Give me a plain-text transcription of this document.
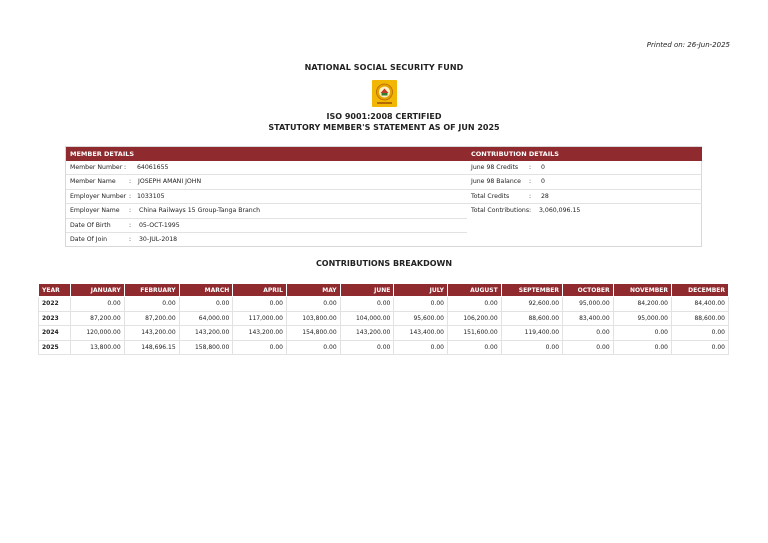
Printed on: 26-Jun-2025
NATIONAL SOCIAL SECURITY FUND
ISO 9001:2008 CERTIFIED
STATUTORY MEMBER'S STATEMENT AS OF JUN 2025
MEMBER DETAILS
Member Number : 64061655
Member Name : JOSEPH AMANI JOHN
Employer Number : 1033105
Employer Name : China Railways 15 Group-Tanga Branch
Date Of Birth	: 05-OCT-1995
Date Of Join	: 30-JUL-2018
CONTRIBUTION DETAILS
June 98 Credits : 0
June 98 Balance : 0
Total Credits	: 28
Total Contributions : 3,060,096.15
CONTRIBUTIONS BREAKDOWN
YEAR	JANUARY	FEBRUARY	MARCH	APRIL	MAY	JUNE	JULY	AUGUST	SEPTEMBER	OCTOBER	NOVEMBER	DECEMBER
2022	0.00	0.00	0.00	0.00	0.00	0.00	0.00	0.00	92,600.00	95,000.00	84,200.00	84,400.00
2023	87,200.00	87,200.00	64,000.00	117,000.00	103,800.00	104,000.00	95,600.00	106,200.00	88,600.00	83,400.00	95,000.00	88,600.00
2024	120,000.00	143,200.00	143,200.00	143,200.00	154,800.00	143,200.00	143,400.00	151,600.00	119,400.00	0.00	0.00	0.00
2025	13,800.00	148,696.15	158,800.00	0.00	0.00	0.00	0.00	0.00	0.00	0.00	0.00	0.00
